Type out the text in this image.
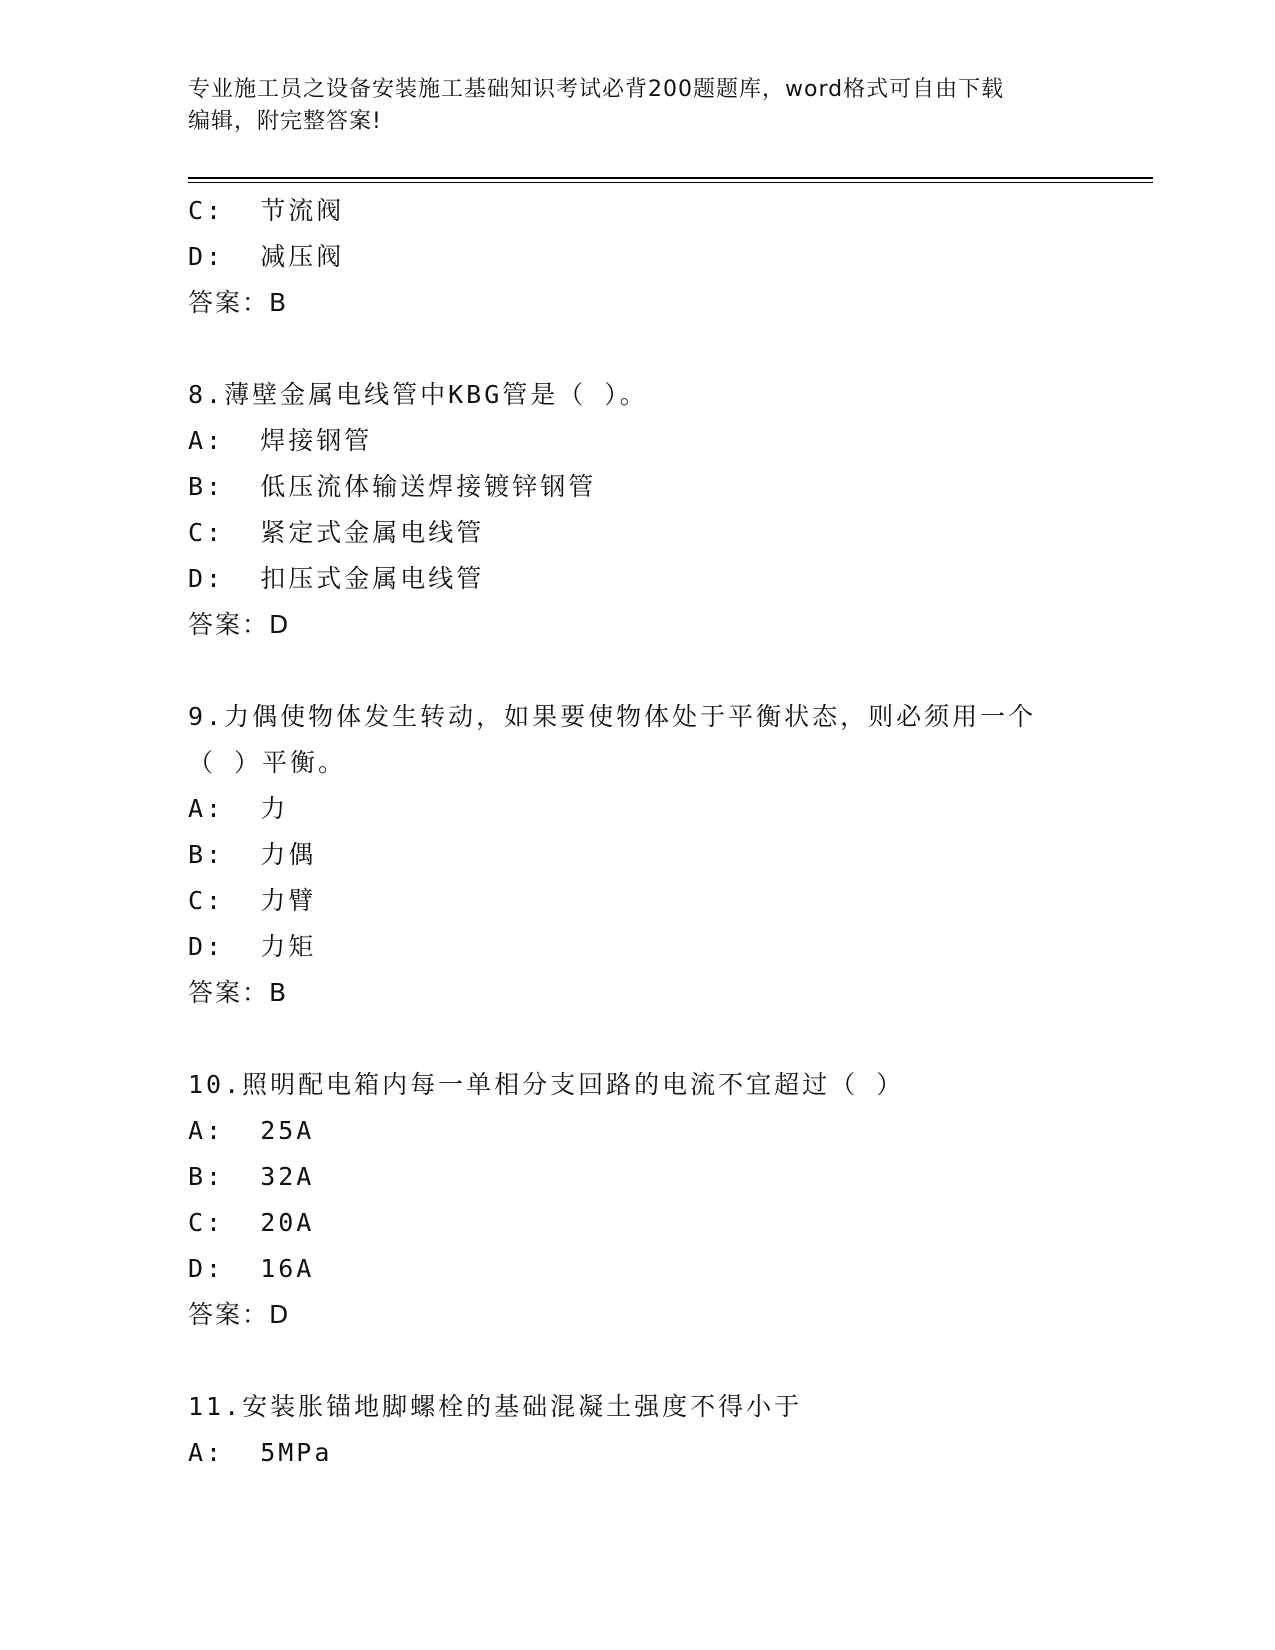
专业施工员之设备安装施工基础知识考试必背200题题库，word格式可自由下载
编辑，附完整答案!
C:  节流阀
D:  减压阀
答案：B
8.薄壁金属电线管中KBG管是（ ）。
A:  焊接钢管
B:  低压流体输送焊接镀锌钢管
C:  紧定式金属电线管
D:  扣压式金属电线管
答案：D
9.力偶使物体发生转动，如果要使物体处于平衡状态，则必须用一个
（ ）平衡。
A:  力
B:  力偶
C:  力臂
D:  力矩
答案：B
10.照明配电箱内每一单相分支回路的电流不宜超过（ ）
A:  25A
B:  32A
C:  20A
D:  16A
答案：D
11.安装胀锚地脚螺栓的基础混凝土强度不得小于
A:  5MPa
